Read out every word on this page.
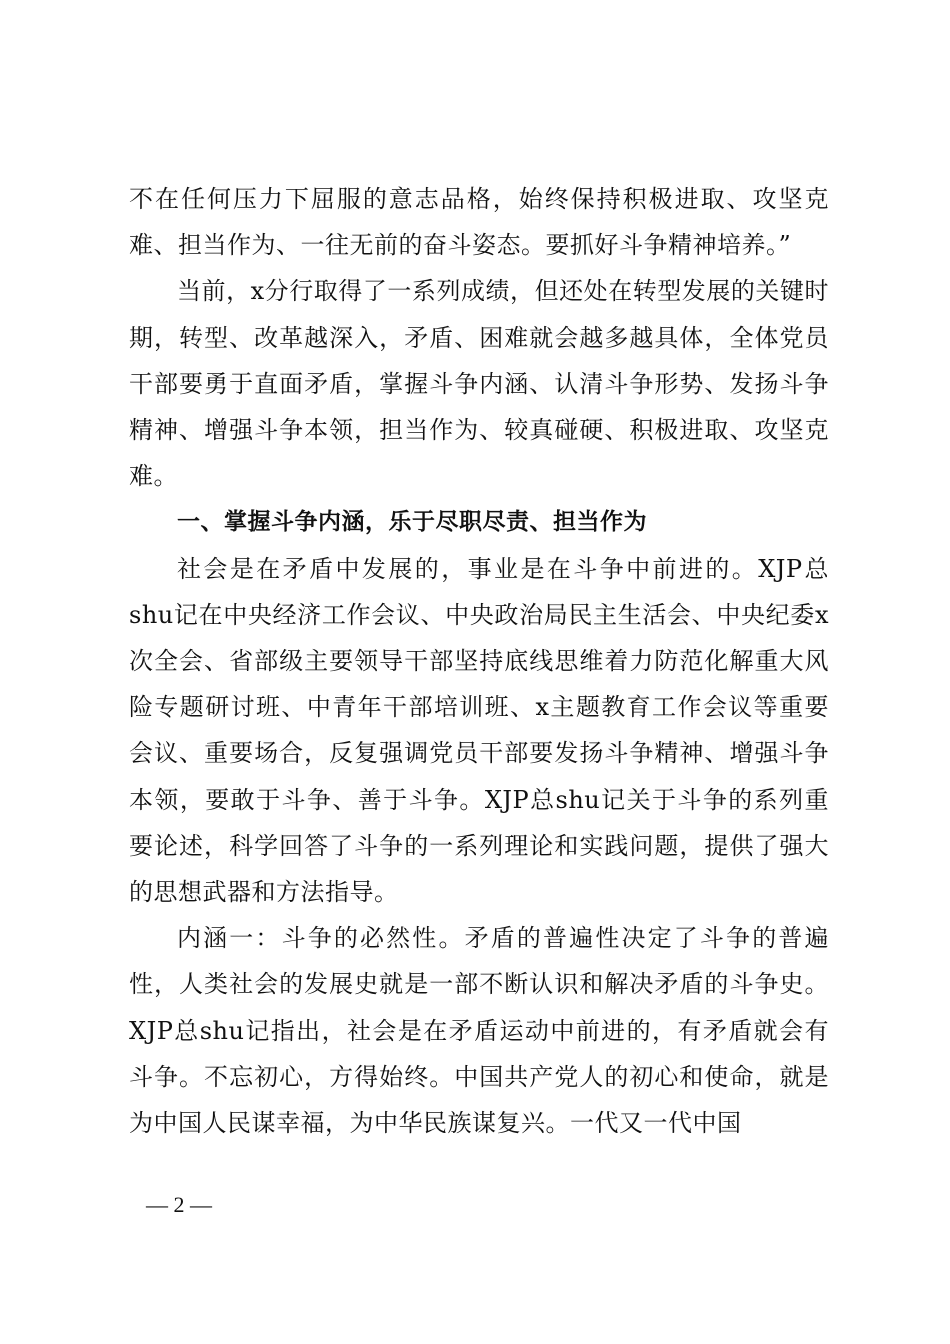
不在任何压力下屈服的意志品格，始终保持积极进取、攻坚克难、担当作为、一往无前的奋斗姿态。要抓好斗争精神培养。”

当前，x分行取得了一系列成绩，但还处在转型发展的关键时期，转型、改革越深入，矛盾、困难就会越多越具体，全体党员干部要勇于直面矛盾，掌握斗争内涵、认清斗争形势、发扬斗争精神、增强斗争本领，担当作为、较真碰硬、积极进取、攻坚克难。

一、掌握斗争内涵，乐于尽职尽责、担当作为

社会是在矛盾中发展的，事业是在斗争中前进的。XJP总shu记在中央经济工作会议、中央政治局民主生活会、中央纪委x次全会、省部级主要领导干部坚持底线思维着力防范化解重大风险专题研讨班、中青年干部培训班、x主题教育工作会议等重要会议、重要场合，反复强调党员干部要发扬斗争精神、增强斗争本领，要敢于斗争、善于斗争。XJP总shu记关于斗争的系列重要论述，科学回答了斗争的一系列理论和实践问题，提供了强大的思想武器和方法指导。

内涵一：斗争的必然性。矛盾的普遍性决定了斗争的普遍性，人类社会的发展史就是一部不断认识和解决矛盾的斗争史。XJP总shu记指出，社会是在矛盾运动中前进的，有矛盾就会有斗争。不忘初心，方得始终。中国共产党人的初心和使命，就是为中国人民谋幸福，为中华民族谋复兴。一代又一代中国

— 2 —
